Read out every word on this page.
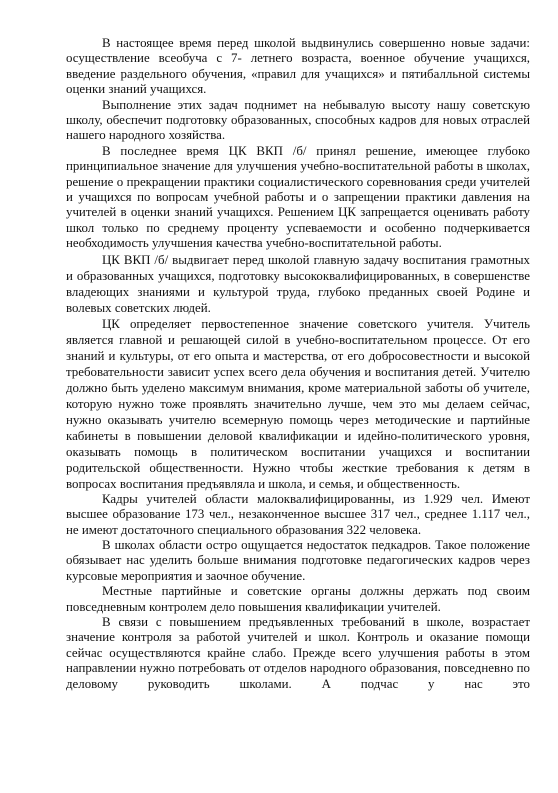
В настоящее время перед школой выдвинулись совершенно новые задачи: осуществление всеобуча с 7- летнего возраста, военное обучение учащихся, введение раздельного обучения, «правил для учащихся» и пятибалльной системы оценки знаний учащихся.

Выполнение этих задач поднимет на небывалую высоту нашу советскую школу, обеспечит подготовку образованных, способных кадров для новых отраслей нашего народного хозяйства.

В последнее время ЦК ВКП /б/ принял решение, имеющее глубоко принципиальное значение для улучшения учебно-воспитательной работы в школах, решение о прекращении практики социалистического соревнования среди учителей и учащихся по вопросам учебной работы и о запрещении практики давления на учителей в оценки знаний учащихся. Решением ЦК запрещается оценивать работу школ только по среднему проценту успеваемости и особенно подчеркивается необходимость улучшения качества учебно-воспитательной работы.

ЦК ВКП /б/ выдвигает перед школой главную задачу воспитания грамотных и образованных учащихся, подготовку высококвалифицированных, в совершенстве владеющих знаниями и культурой труда, глубоко преданных своей Родине и волевых советских людей.

ЦК определяет первостепенное значение советского учителя. Учитель является главной и решающей силой в учебно-воспитательном процессе. От его знаний и культуры, от его опыта и мастерства, от его добросовестности и высокой требовательности зависит успех всего дела обучения и воспитания детей. Учителю должно быть уделено максимум внимания, кроме материальной заботы об учителе, которую нужно тоже проявлять значительно лучше, чем это мы делаем сейчас, нужно оказывать учителю всемерную помощь через методические и партийные кабинеты в повышении деловой квалификации и идейно-политического уровня, оказывать помощь в политическом воспитании учащихся и воспитании родительской общественности. Нужно чтобы жесткие требования к детям в вопросах воспитания предъявляла и школа, и семья, и общественность.

Кадры учителей области малоквалифицированны, из 1.929 чел. Имеют высшее образование 173 чел., незаконченное высшее 317 чел., среднее 1.117 чел., не имеют достаточного специального образования 322 человека.

В школах области остро ощущается недостаток педкадров. Такое положение обязывает нас уделить больше внимания подготовке педагогических кадров через курсовые мероприятия и заочное обучение.

Местные партийные и советские органы должны держать под своим повседневным контролем дело повышения квалификации учителей.

В связи с повышением предъявленных требований в школе, возрастает значение контроля за работой учителей и школ. Контроль и оказание помощи сейчас осуществляются крайне слабо. Прежде всего улучшения работы в этом направлении нужно потребовать от отделов народного образования, повседневно по деловому руководить школами. А подчас у нас это
